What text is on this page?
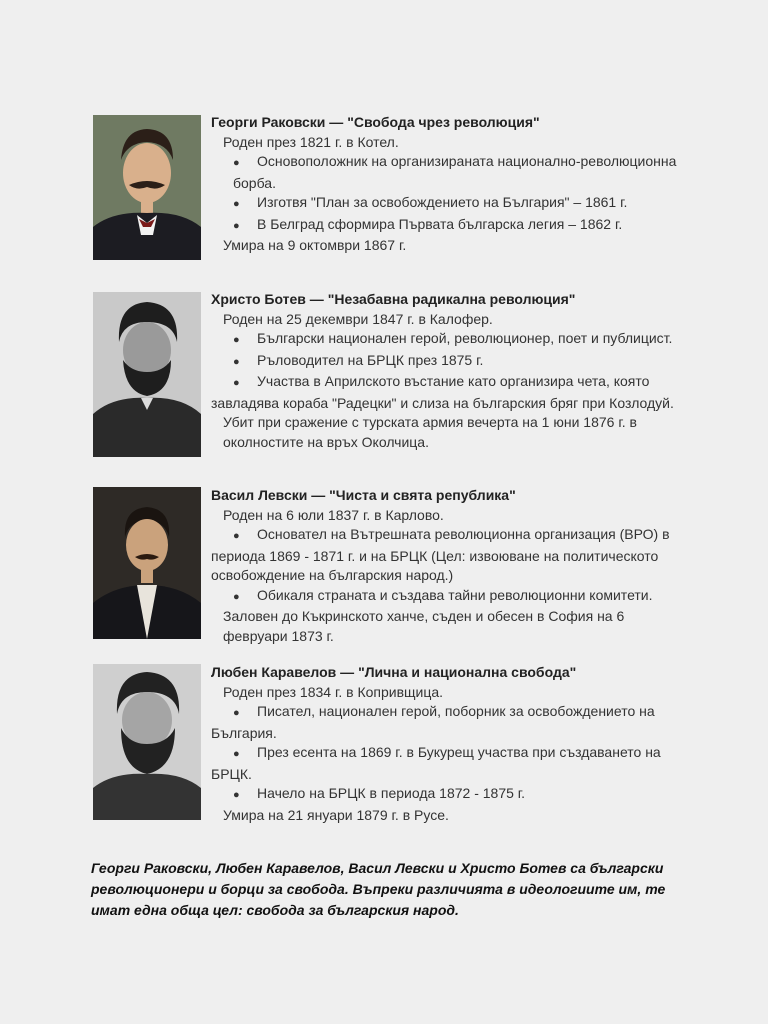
Георги Раковски — "Свобода чрез революция"
Роден през 1821 г. в Котел.
● Основоположник на организираната национално-революционна борба.
● Изготвя "План за освобождението на България" – 1861 г.
● В Белград сформира Първата българска легия – 1862 г.
Умира на 9 октомври 1867 г.
Христо Ботев — "Незабавна радикална революция"
Роден на 25 декември 1847 г. в Калофер.
● Български национален герой, революционер, поет и публицист.
● Ръловодител на БРЦК през 1875 г.
● Участва в Априлското въстание като организира чета, която завладява кораба "Радецки" и слиза на българския бряг при Козлодуй.
Убит при сражение с турската армия вечерта на 1 юни 1876 г. в околностите на връх Околчица.
Васил Левски — "Чиста и свята република"
Роден на 6 юли 1837 г. в Карлово.
● Основател на Вътрешната революционна организация (ВРО) в периода 1869 - 1871 г. и на БРЦК (Цел: извоюване на политическото освобождение на българския народ.)
● Обикаля страната и създава тайни революционни комитети.
Заловен до Къкринското ханче, съден и обесен в София на 6 февруари 1873 г.
Любен Каравелов — "Лична и национална свобода"
Роден през 1834 г. в Копривщица.
● Писател, национален герой, поборник за освобождението на България.
● През есента на 1869 г. в Букурещ участва при създаването на БРЦК.
● Начело на БРЦК в периода 1872 - 1875 г.
Умира на 21 януари 1879 г. в Русе.
Георги Раковски, Любен Каравелов, Васил Левски и Христо Ботев са български революционери и борци за свобода. Въпреки различията в идеологиите им, те имат една обща цел: свобода за българския народ.
